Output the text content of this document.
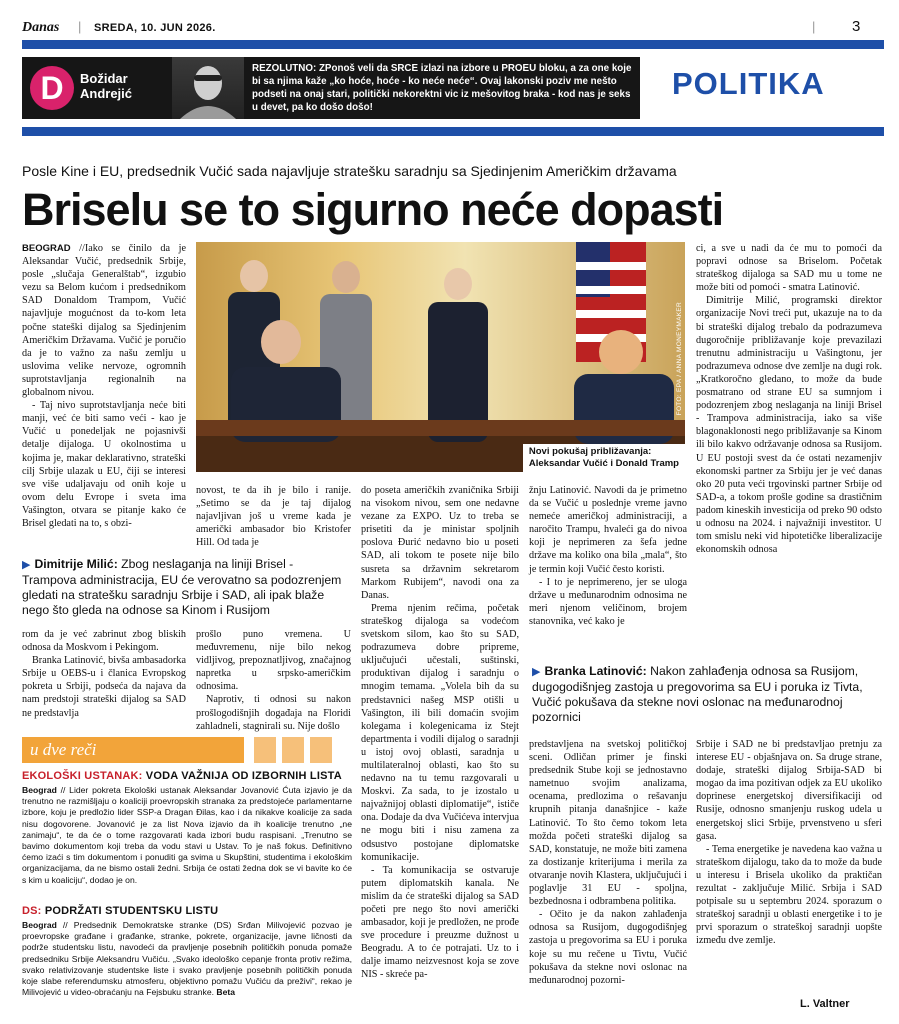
Danas | SREDA, 10. JUN 2026.	| 3
D	Božidar
Andrejić
REZOLUTNO: ZPonoš veli da SRCE izlazi na izbore u PROEU bloku, a za one koje bi sa njima kaže „ko hoće, hoće - ko neće neće“. Ovaj lakonski poziv me nešto podseti na onaj stari, politički nekorektni vic iz mešovitog braka - kod nas je seks u devet, pa ko došo došo!
POLITIKA
Posle Kine i EU, predsednik Vučić sada najavljuje stratešku saradnju sa Sjedinjenim Američkim državama
Briselu se to sigurno neće dopasti
FOTO: EPA / ANNA MONEYMAKER
Novi pokušaj približavanja:
Aleksandar Vučić i Donald Tramp

BEOGRAD //Iako se činilo da je Aleksandar Vučić, predsednik Srbije, posle „slučaja Generalštab“, izgubio vezu sa Belom kućom i predsednikom SAD Donaldom Trampom, Vučić najavljuje mogućnost da to-kom leta počne stateški dijalog sa Sjedinjenim Američkim Državama. Vučić je poručio da je to važno za našu zemlju u uslovima velike nervoze, ogromnih suprotstavljanja regionalnih na globalnom nivou.

- Taj nivo suprotstavljanja neće biti manji, već će biti samo veći - kao je Vučić u ponedeljak ne pojasnivši detalje dijaloga. U okolnostima u kojima je, makar deklarativno, strateški cilj Srbije ulazak u EU, čiji se interesi sve više udaljavaju od onih koje u ovom delu Evrope i sveta ima Vašington, otvara se pitanje kako će Brisel gledati na to, s obzi-

ci, a sve u nadi da će mu to pomoći da popravi odnose sa Briselom. Početak strateškog dijaloga sa SAD mu u tome ne može biti od pomoći - smatra Latinović.

Dimitrije Milić, programski direktor organizacije Novi treći put, ukazuje na to da bi strateški dijalog trebalo da podrazumeva dugoročnije približavanje koje prevazilazi trenutnu administraciju u Vašingtonu, jer podrazumeva odnose dve zemlje na dugi rok. „Kratkoročno gledano, to može da bude posmatrano od strane EU sa sumnjom i podozrenjem zbog neslaganja na liniji Brisel - Trampova administracija, iako sa više blagonaklonosti nego približavanje sa Kinom ili bilo kakvo održavanje odnosa sa Rusijom. U EU postoji svest da će ostati nezamenjiv ekonomski partner za Srbiju jer je već danas oko 20 puta veći trgovinski partner Srbije od SAD-a, a tokom prošle godine sa drastičnim padom kineskih investicija od preko 90 odsto u odnosu na 2024. i najvažniji investitor. U tom smislu neki vid hipotetičke liberalizacije ekonomskih odnosa

novost, te da ih je bilo i ranije. „Setimo se da je taj dijalog najavljivan još u vreme kada je američki ambasador bio Kristofer Hill. Od tada je

do poseta američkih zvaničnika Srbiji na visokom nivou, sem one nedavne vezane za EXPO. Uz to treba se prisetiti da je ministar spoljnih poslova Đurić nedavno bio u poseti SAD, ali tokom te posete nije bilo susreta sa državnim sekretarom Markom Rubijem“, navodi ona za Danas.

Prema njenim rečima, početak strateškog dijaloga sa vodećom svetskom silom, kao što su SAD, podrazumeva dobre pripreme, uključujući učestali, suštinski, produktivan dijalog i saradnju o mnogim temama. „Volela bih da su predstavnici našeg MSP otišli u Vašington, ili bili domaćin svojim kolegama i kolegenicama iz Stejt departmenta i vodili dijalog o saradnji u istoj ovoj oblasti, saradnja u multilateralnoj oblasti, kao što su nedavno na tu temu razgovarali u Moskvi. Za sada, to je izostalo u najvažnijoj oblasti diplomatije“, ističe ona. Dodaje da dva Vučićeva intervjua ne mogu biti i nisu zamena za odsustvo postojane diplomatske komunikacije.

- Ta komunikacija se ostvaruje putem diplomatskih kanala. Ne mislim da će strateški dijalog sa SAD početi pre nego što novi američki ambasador, koji je predložen, ne prođe sve procedure i preuzme dužnost u Beogradu. A to će potrajati. Uz to i dalje imamo neizvesnost koja se zove NIS - skreće pa-

žnju Latinović. Navodi da je primetno da se Vučić u poslednje vreme javno nemeće američkoj administraciji, a naročito Trampu, hvaleći ga do nivoa koji je neprimeren za šefa jedne države ma koliko ona bila „mala“, što je termin koji Vučić često koristi.

- I to je neprimereno, jer se uloga države u međunarodnim odnosima ne meri njenom veličinom, brojem stanovnika, već kako je

▶ Dimitrije Milić: Zbog neslaganja na liniji Brisel - Trampova administracija, EU će verovatno sa podozrenjem gledati na stratešku saradnju Srbije i SAD, ali ipak blaže nego što gleda na odnose sa Kinom i Rusijom

rom da je već zabrinut zbog bliskih odnosa da Moskvom i Pekingom.

Branka Latinović, bivša ambasadorka Srbije u OEBS-u i članica Evropskog pokreta u Srbiji, podseća da najava da nam predstoji strateški dijalog sa SAD ne predstavlja

prošlo puno vremena. U međuvremenu, nije bilo nekog vidljivog, prepoznatljivog, značajnog napretka u srpsko-američkim odnosima.

Naprotiv, ti odnosi su nakon prošlogodišnjih događaja na Floridi zahladneli, stagnirali su. Nije došlo

▶ Branka Latinović: Nakon zahlađenja odnosa sa Rusijom, dugogodišnjeg zastoja u pregovorima sa EU i poruka iz Tivta, Vučić pokušava da stekne novi oslonac na međunarodnoj pozornici

predstavljena na svetskoj političkoj sceni. Odličan primer je finski predsednik Stube koji se jednostavno nametnuo svojim analizama, ocenama, predlozima o rešavanju krupnih pitanja današnjice - kaže Latinović. To što čemo tokom leta možda početi strateški dijalog sa SAD, konstatuje, ne može biti zamena za dostizanje kriterijuma i merila za otvaranje novih Klastera, uključujući i poglavlje 31 EU - spoljna, bezbednosna i odbrambena politika.

- Očito je da nakon zahlađenja odnosa sa Rusijom, dugogodišnjeg zastoja u pregovorima sa EU i poruka koje su mu rečene u Tivtu, Vučić pokušava da stekne novi oslonac na međunarodnoj pozorni-

Srbije i SAD ne bi predstavljao pretnju za interese EU - objašnjava on. Sa druge strane, dodaje, strateški dijalog Srbija-SAD bi mogao da ima pozitivan odjek za EU ukoliko doprinese energetskoj diversifikaciji od Rusije, odnosno smanjenju ruskog udela u energetskoj slici Srbije, prvenstveno u sferi gasa.

- Tema energetike je navedena kao važna u strateškom dijalogu, tako da to može da bude u interesu i Brisela ukoliko da praktičan rezultat - zaključuje Milić. Srbija i SAD potpisale su u septembru 2024. sporazum o strateškoj saradnji u oblasti energetike i to je prvi sporazum o strateškoj saradnji uopšte između dve zemlje.

L. Valtner
u dve reči
EKOLOŠKI USTANAK: VODA VAŽNIJA OD IZBORNIH LISTA
Beograd // Lider pokreta Ekološki ustanak Aleksandar Jovanović Ćuta izjavio je da trenutno ne razmišljaju o koaliciji proevropskih stranaka za predstojeće parlamentarne izbore, koju je predložio lider SSP-a Dragan Đilas, kao i da nikakve koalicije za sada nisu dogovorene. Jovanović je za list Nova izjavio da ih koalicije trenutno „ne zanimaju“, te da će o tome razgovarati kada izbori budu raspisani. „Trenutno se bavimo dokumentom koji treba da vodu stavi u Ustav. To je naš fokus. Definitivno ćemo izaći s tim dokumentom i ponuditi ga svima u Skupštini, studentima i ekološkim organizacijama, da ne bismo ostali žedni. Srbija će ostati žedna dok se vi bavite ko će s kim u koaliciju“, dodao je on.
DS: PODRŽATI STUDENTSKU LISTU
Beograd // Predsednik Demokratske stranke (DS) Srđan Milivojević pozvao je proevropske građane i građanke, stranke, pokrete, organizacije, javne ličnosti da podrže studentsku listu, navodeći da pravljenje posebnih političkih ponuda pomaže predsedniku Srbije Aleksandru Vučiću. „Svako ideološko cepanje fronta protiv režima, svako relativizovanje studentske liste i svako pravljenje posebnih političkih ponuda koje slabe referendumsku atmosferu, objektivno pomažu Vučiću da preživi“, rekao je Milivojević u video-obraćanju na Fejsbuku stranke. Beta
